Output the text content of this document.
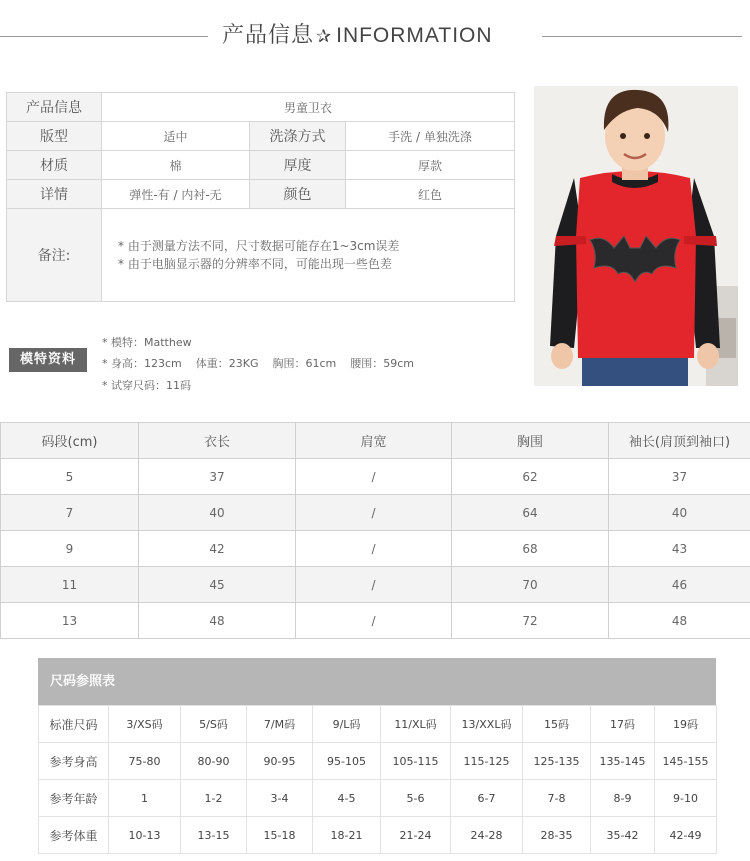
产品信息 ✰ INFORMATION
产品信息	男童卫衣		
版型	适中	洗涤方式	手洗 / 单独洗涤
材质	棉	厚度	厚款
详情	弹性-有 / 内衬-无	颜色	红色
备注:	* 由于测量方法不同，尺寸数据可能存在1~3cm误差
* 由于电脑显示器的分辨率不同，可能出现一些色差		
模特资料
* 模特：Matthew
* 身高：123cm 体重：23KG 胸围：61cm 腰围：59cm
* 试穿尺码：11码
码段(cm)	衣长	肩宽	胸围	袖长(肩顶到袖口)
5	37	/	62	37
7	40	/	64	40
9	42	/	68	43
11	45	/	70	46
13	48	/	72	48
尺码参照表
标准尺码	3/XS码	5/S码	7/M码	9/L码	11/XL码	13/XXL码	15码	17码	19码
参考身高	75-80	80-90	90-95	95-105	105-115	115-125	125-135	135-145	145-155
参考年龄	1	1-2	3-4	4-5	5-6	6-7	7-8	8-9	9-10
参考体重	10-13	13-15	15-18	18-21	21-24	24-28	28-35	35-42	42-49
